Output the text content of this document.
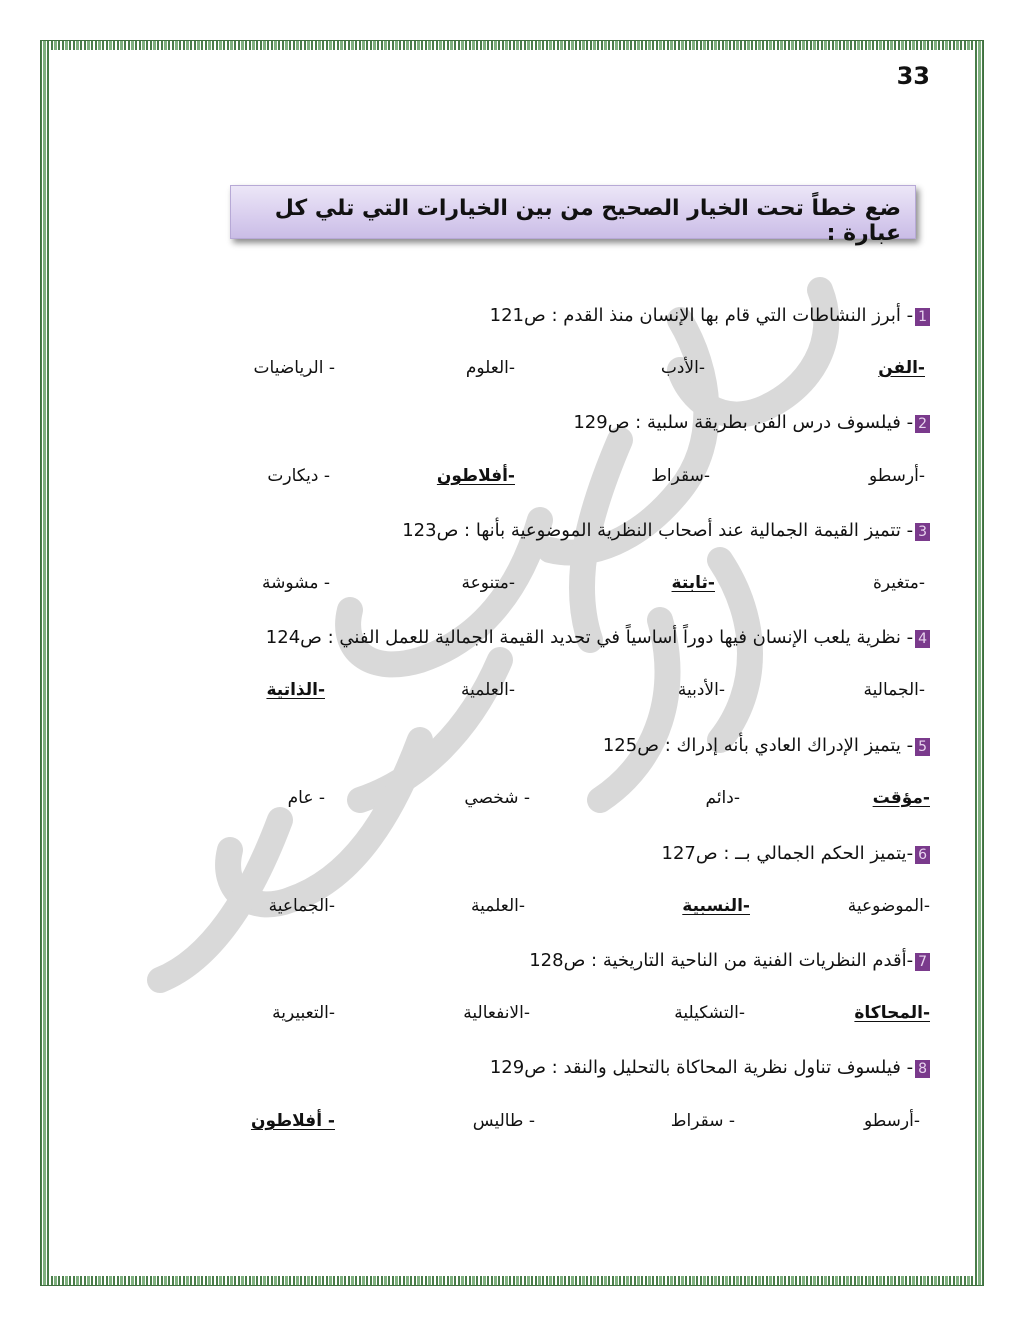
33
ضع خطاً تحت الخيار الصحيح من بين الخيارات التي تلي كل عبارة :
1- أبرز النشاطات التي قام بها الإنسان منذ القدم : ص121
-الفن
-الأدب
-العلوم
- الرياضيات
2- فيلسوف درس الفن بطريقة سلبية : ص129
-أرسطو
-سقراط
-أفلاطون
- ديكارت
3- تتميز القيمة الجمالية عند أصحاب النظرية الموضوعية بأنها : ص123
-متغيرة
-ثابتة
-متنوعة
- مشوشة
4- نظرية يلعب الإنسان فيها دوراً أساسياً في تحديد القيمة الجمالية للعمل الفني : ص124
-الجمالية
-الأدبية
-العلمية
-الذاتية
5- يتميز الإدراك العادي بأنه إدراك : ص125
-مؤقت
-دائم
- شخصي
- عام
6-يتميز الحكم الجمالي بــ : ص127
-الموضوعية
-النسبية
-العلمية
-الجماعية
7-أقدم النظريات الفنية من الناحية التاريخية : ص128
-المحاكاة
-التشكيلية
-الانفعالية
-التعبيرية
8- فيلسوف تناول نظرية المحاكاة بالتحليل والنقد : ص129
-أرسطو
- سقراط
- طاليس
- أفلاطون
